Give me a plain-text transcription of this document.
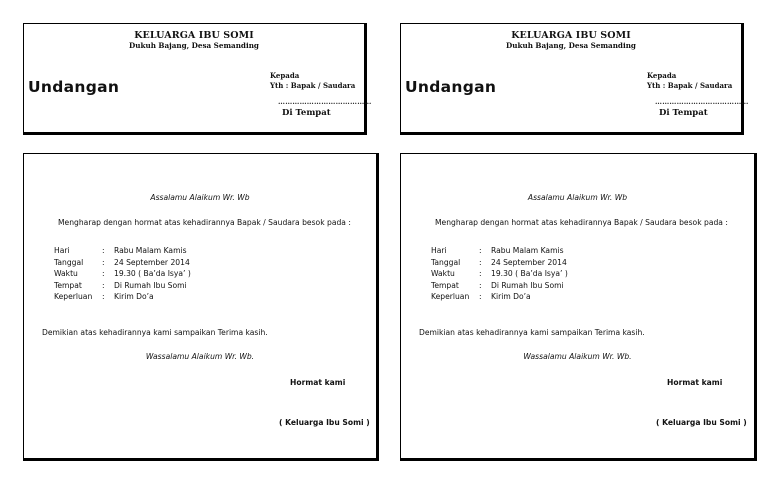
KELUARGA IBU SOMI
Dukuh Bajang, Desa Semanding
Undangan
Kepada
Yth : Bapak / Saudara
…………………………………
Di Tempat
KELUARGA IBU SOMI
Dukuh Bajang, Desa Semanding
Undangan
Kepada
Yth : Bapak / Saudara
…………………………………
Di Tempat
Assalamu Alaikum Wr. Wb
Mengharap dengan hormat atas kehadirannya Bapak / Saudara besok pada :
Hari	:	Rabu Malam Kamis
Tanggal	:	24 September 2014
Waktu	:	19.30 ( Ba’da Isya’ )
Tempat	:	Di Rumah Ibu Somi
Keperluan	:	Kirim Do’a
Demikian atas kehadirannya kami sampaikan Terima kasih.
Wassalamu Alaikum Wr. Wb.
Hormat kami
( Keluarga Ibu Somi )
Assalamu Alaikum Wr. Wb
Mengharap dengan hormat atas kehadirannya Bapak / Saudara besok pada :
Hari	:	Rabu Malam Kamis
Tanggal	:	24 September 2014
Waktu	:	19.30 ( Ba’da Isya’ )
Tempat	:	Di Rumah Ibu Somi
Keperluan	:	Kirim Do’a
Demikian atas kehadirannya kami sampaikan Terima kasih.
Wassalamu Alaikum Wr. Wb.
Hormat kami
( Keluarga Ibu Somi )
